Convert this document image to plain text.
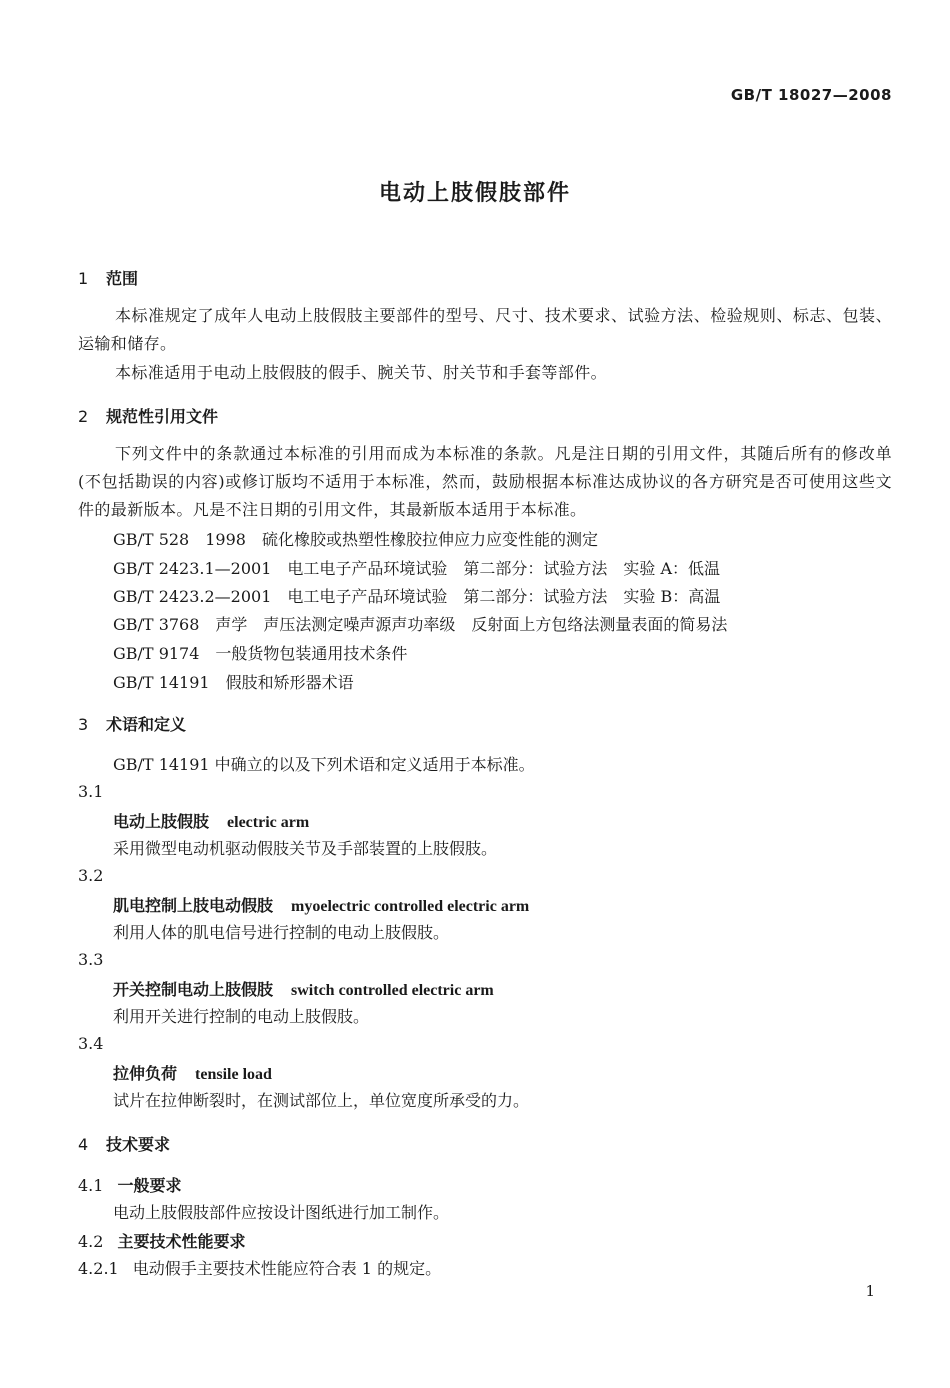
GB/T 18027—2008
电动上肢假肢部件
1 范围
本标准规定了成年人电动上肢假肢主要部件的型号、尺寸、技术要求、试验方法、检验规则、标志、包装、运输和储存。
本标准适用于电动上肢假肢的假手、腕关节、肘关节和手套等部件。
2 规范性引用文件
下列文件中的条款通过本标准的引用而成为本标准的条款。凡是注日期的引用文件，其随后所有的修改单(不包括勘误的内容)或修订版均不适用于本标准，然而，鼓励根据本标准达成协议的各方研究是否可使用这些文件的最新版本。凡是不注日期的引用文件，其最新版本适用于本标准。
GB/T 528　1998　 硫化橡胶或热塑性橡胶拉伸应力应变性能的测定
GB/T 2423.1—2001　 电工电子产品环境试验　第二部分：试验方法　实验 A：低温
GB/T 2423.2—2001　 电工电子产品环境试验　第二部分：试验方法　实验 B：高温
GB/T 3768　 声学　声压法测定噪声源声功率级　反射面上方包络法测量表面的简易法
GB/T 9174　 一般货物包装通用技术条件
GB/T 14191　 假肢和矫形器术语
3 术语和定义
GB/T 14191 中确立的以及下列术语和定义适用于本标准。
3.1
电动上肢假肢 electric arm
采用微型电动机驱动假肢关节及手部装置的上肢假肢。
3.2
肌电控制上肢电动假肢 myoelectric controlled electric arm
利用人体的肌电信号进行控制的电动上肢假肢。
3.3
开关控制电动上肢假肢 switch controlled electric arm
利用开关进行控制的电动上肢假肢。
3.4
拉伸负荷 tensile load
试片在拉伸断裂时，在测试部位上，单位宽度所承受的力。
4 技术要求
4.1 一般要求
电动上肢假肢部件应按设计图纸进行加工制作。
4.2 主要技术性能要求
4.2.1 电动假手主要技术性能应符合表 1 的规定。
1
